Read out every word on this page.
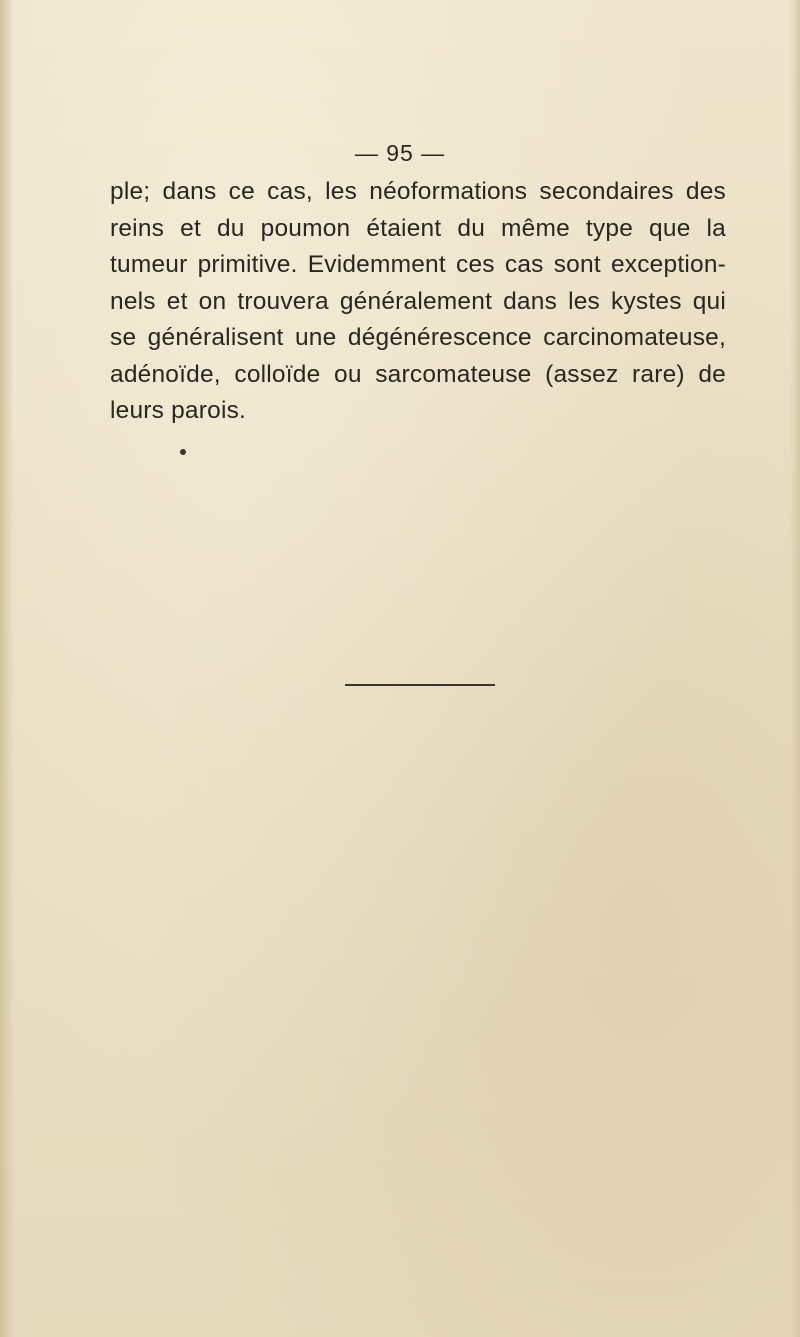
— 95 —

ple; dans ce cas, les néoformations secondaires des reins et du poumon étaient du même type que la tumeur primitive. Evidemment ces cas sont exception-nels et on trouvera généralement dans les kystes qui se généralisent une dégénérescence carcinomateuse, adénoïde, colloïde ou sarcomateuse (assez rare) de leurs parois.
